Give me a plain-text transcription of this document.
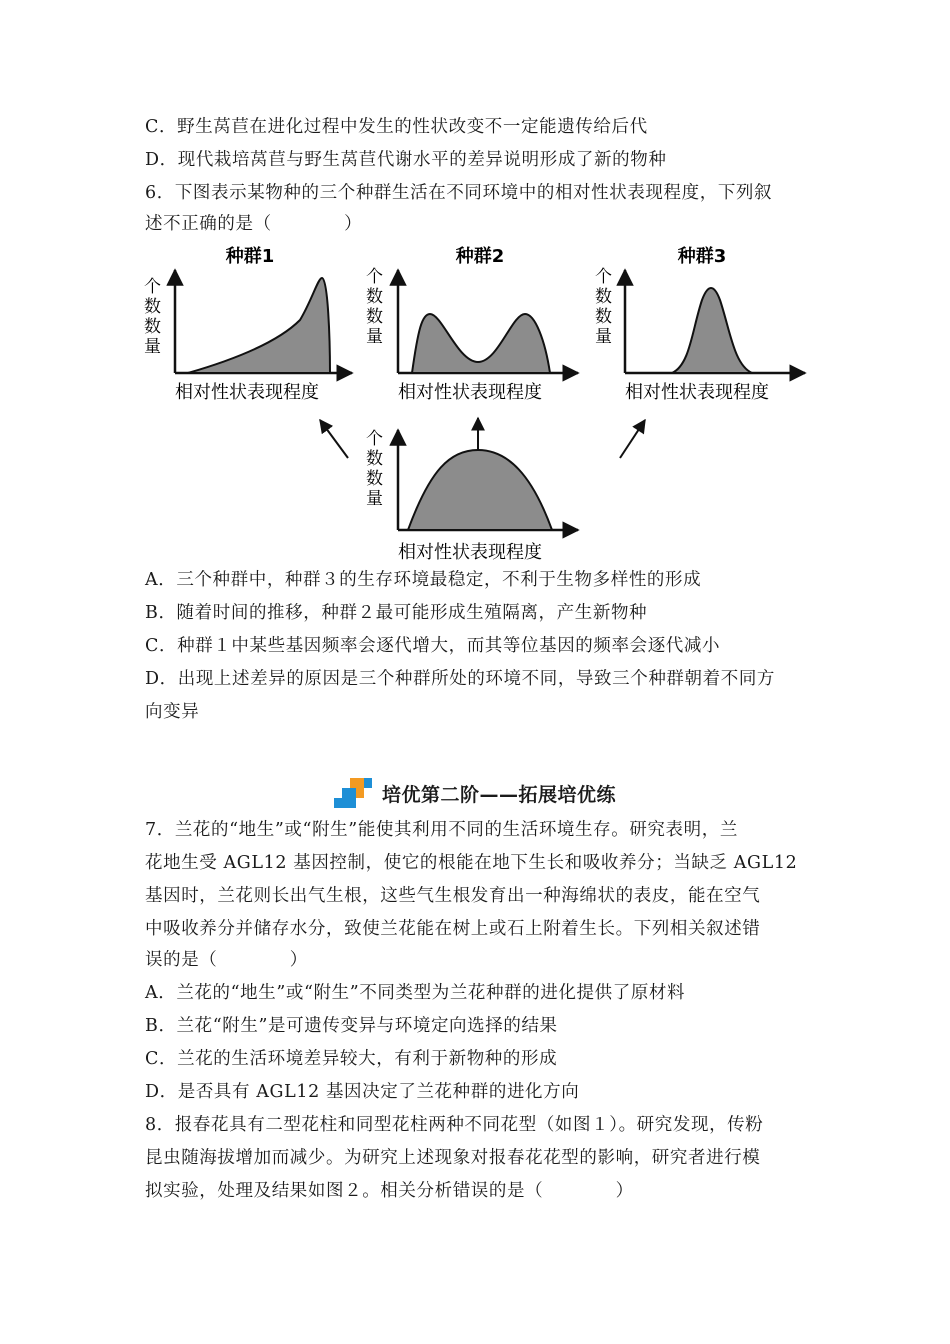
C．野生莴苣在进化过程中发生的性状改变不一定能遗传给后代
D．现代栽培莴苣与野生莴苣代谢水平的差异说明形成了新的物种
6．下图表示某物种的三个种群生活在不同环境中的相对性状表现程度，下列叙
述不正确的是（　　　　）
种群1
个
数
数
量
相对性状表现程度
种群2
个
数
数
量
相对性状表现程度
种群3
个
数
数
量
相对性状表现程度
个
数
数
量
相对性状表现程度
A．三个种群中，种群３的生存环境最稳定，不利于生物多样性的形成
B．随着时间的推移，种群２最可能形成生殖隔离，产生新物种
C．种群１中某些基因频率会逐代增大，而其等位基因的频率会逐代减小
D．出现上述差异的原因是三个种群所处的环境不同，导致三个种群朝着不同方
向变异
培优第二阶——拓展培优练
7．兰花的“地生”或“附生”能使其利用不同的生活环境生存。研究表明，兰
花地生受 AGL12 基因控制，使它的根能在地下生长和吸收养分；当缺乏 AGL12
基因时，兰花则长出气生根，这些气生根发育出一种海绵状的表皮，能在空气
中吸收养分并储存水分，致使兰花能在树上或石上附着生长。下列相关叙述错
误的是（　　　　）
A．兰花的“地生”或“附生”不同类型为兰花种群的进化提供了原材料
B．兰花“附生”是可遗传变异与环境定向选择的结果
C．兰花的生活环境差异较大，有利于新物种的形成
D．是否具有 AGL12 基因决定了兰花种群的进化方向
8．报春花具有二型花柱和同型花柱两种不同花型（如图１）。研究发现，传粉
昆虫随海拔增加而减少。为研究上述现象对报春花花型的影响，研究者进行模
拟实验，处理及结果如图２。相关分析错误的是（　　　　）
